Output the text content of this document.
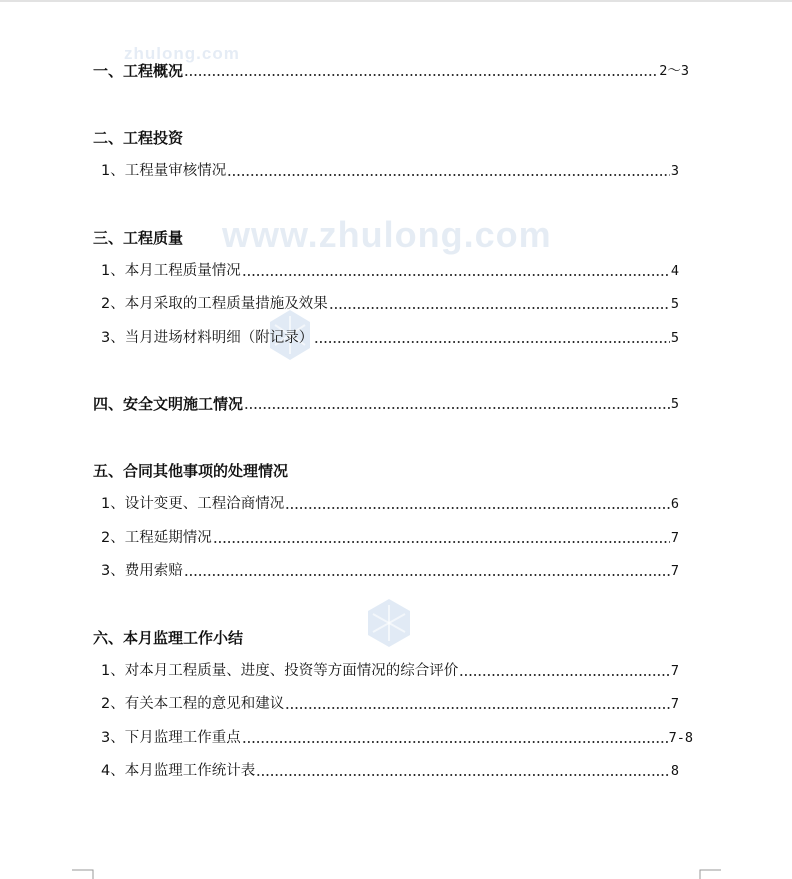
zhulong.com
www.zhulong.com
一、工程概况	2～3
二、工程投资
1、工程量审核情况	3
三、工程质量
1、本月工程质量情况	4
2、本月采取的工程质量措施及效果	5
3、当月进场材料明细（附记录）	5
四、安全文明施工情况	5
五、合同其他事项的处理情况
1、设计变更、工程洽商情况	6
2、工程延期情况	7
3、费用索赔	7
六、本月监理工作小结
1、对本月工程质量、进度、投资等方面情况的综合评价	7
2、有关本工程的意见和建议	7
3、下月监理工作重点	7-8
4、本月监理工作统计表	8
